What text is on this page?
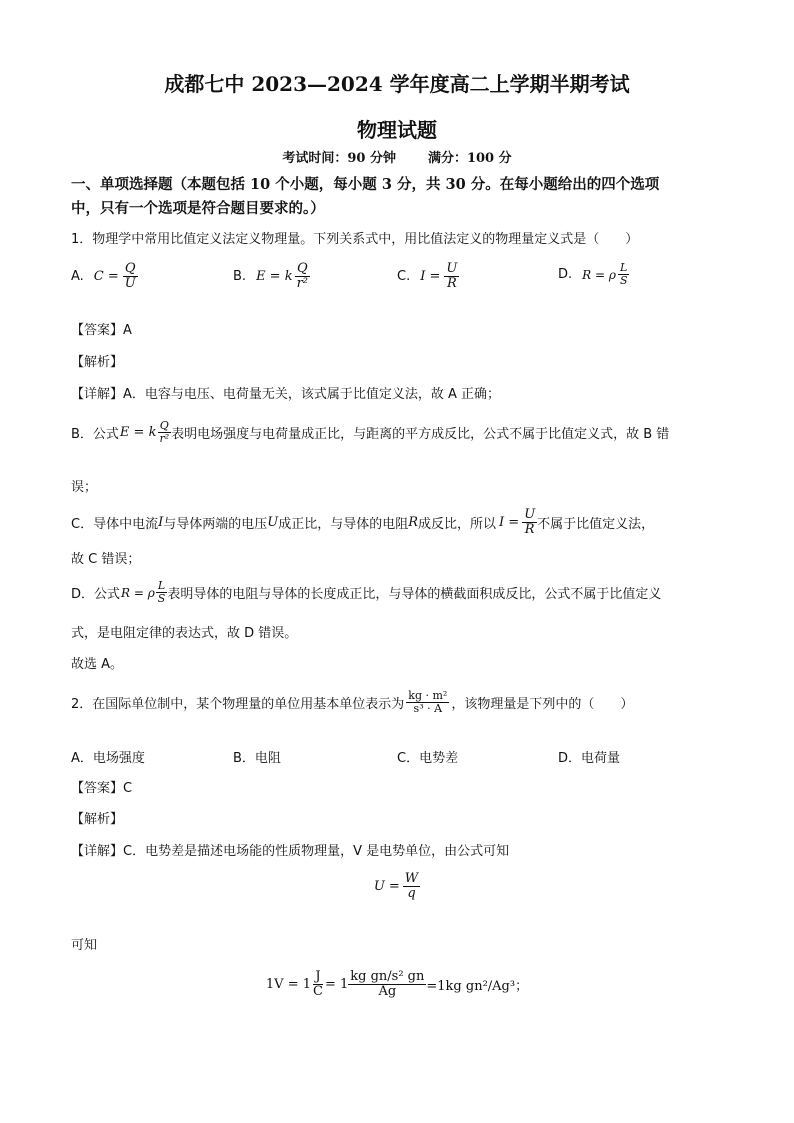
成都七中 2023—2024 学年度高二上学期半期考试
物理试题
考试时间：90 分钟 满分：100 分
一、单项选择题（本题包括 10 个小题，每小题 3 分，共 30 分。在每小题给出的四个选项
中，只有一个选项是符合题目要求的。）
1．物理学中常用比值定义法定义物理量。下列关系式中，用比值法定义的物理量定义式是（　　）
A. $C = \frac{Q}{U}$	B. E = k $\frac{Q}{\text{r²}}$	C. $I = \frac{U}{R}$	D. R = ρ $\frac{L}{S}$
【答案】A
【解析】
【详解】A．电容与电压、电荷量无关，该式属于比值定义法，故 A 正确；
B．公式 E = k $\frac{Q}{\text{r²}}$ 表明电场强度与电荷量成正比，与距离的平方成反比，公式不属于比值定义式，故 B 错
误；
C．导体中电流 I 与导体两端的电压 U 成正比，与导体的电阻 R 成反比，所以 $I = \frac{U}{R}$ 不属于比值定义法，
故 C 错误；
D．公式 R = ρ $\frac{L}{S}$ 表明导体的电阻与导体的长度成正比，与导体的横截面积成反比，公式不属于比值定义
式，是电阻定律的表达式，故 D 错误。
故选 A。
2．在国际单位制中，某个物理量的单位用基本单位表示为 $\frac{\text{kg · m²}}{\text{s³ · A}}$ ，该物理量是下列中的（　　）
A．电场强度	B．电阻	C．电势差	D．电荷量
【答案】C
【解析】
【详解】C．电势差是描述电场能的性质物理量，V 是电势单位，由公式可知
$U = \frac{W}{q}$
可知
$1V = 1 \frac{J}{C} = 1 \frac{\text{kg gn/s² gn}}{Ag} =1kg$ gn²/Ag³；
